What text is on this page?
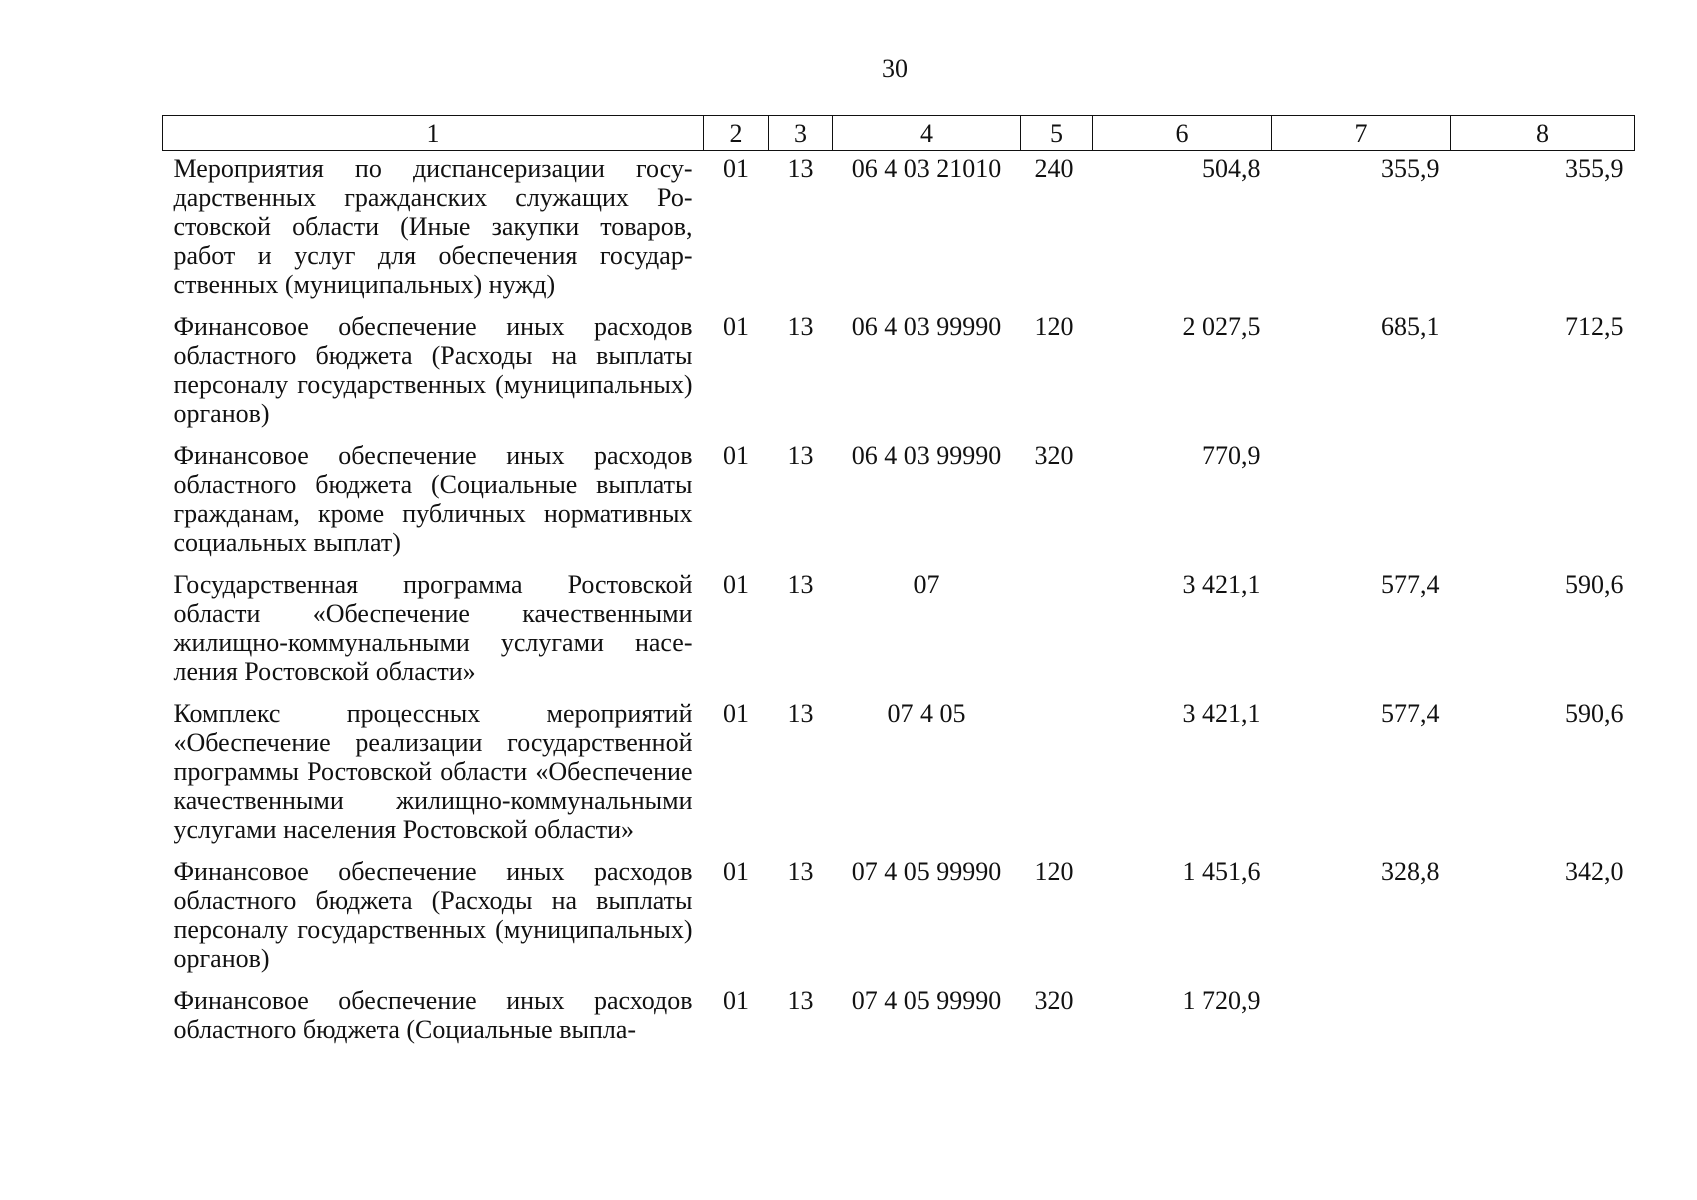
30
1	2	3	4	5	6	7	8
Мероприятия по диспансеризации государственных гражданских служащих Ростовской области (Иные закупки товаров, работ и услуг для обеспечения государственных (муниципальных) нужд)	01	13	06 4 03 21010	240	504,8	355,9	355,9
Финансовое обеспечение иных расходов областного бюджета (Расходы на выплаты персоналу государственных (муниципальных) органов)	01	13	06 4 03 99990	120	2 027,5	685,1	712,5
Финансовое обеспечение иных расходов областного бюджета (Социальные выплаты гражданам, кроме публичных нормативных социальных выплат)	01	13	06 4 03 99990	320	770,9		
Государственная программа Ростовской области «Обеспечение качественными жилищно-коммунальными услугами населения Ростовской области»	01	13	07		3 421,1	577,4	590,6
Комплекс процессных мероприятий «Обеспечение реализации государственной программы Ростовской области «Обеспечение качественными жилищно-коммунальными услугами населения Ростовской области»	01	13	07 4 05		3 421,1	577,4	590,6
Финансовое обеспечение иных расходов областного бюджета (Расходы на выплаты персоналу государственных (муниципальных) органов)	01	13	07 4 05 99990	120	1 451,6	328,8	342,0
Финансовое обеспечение иных расходов областного бюджета (Социальные выпла-	01	13	07 4 05 99990	320	1 720,9		
